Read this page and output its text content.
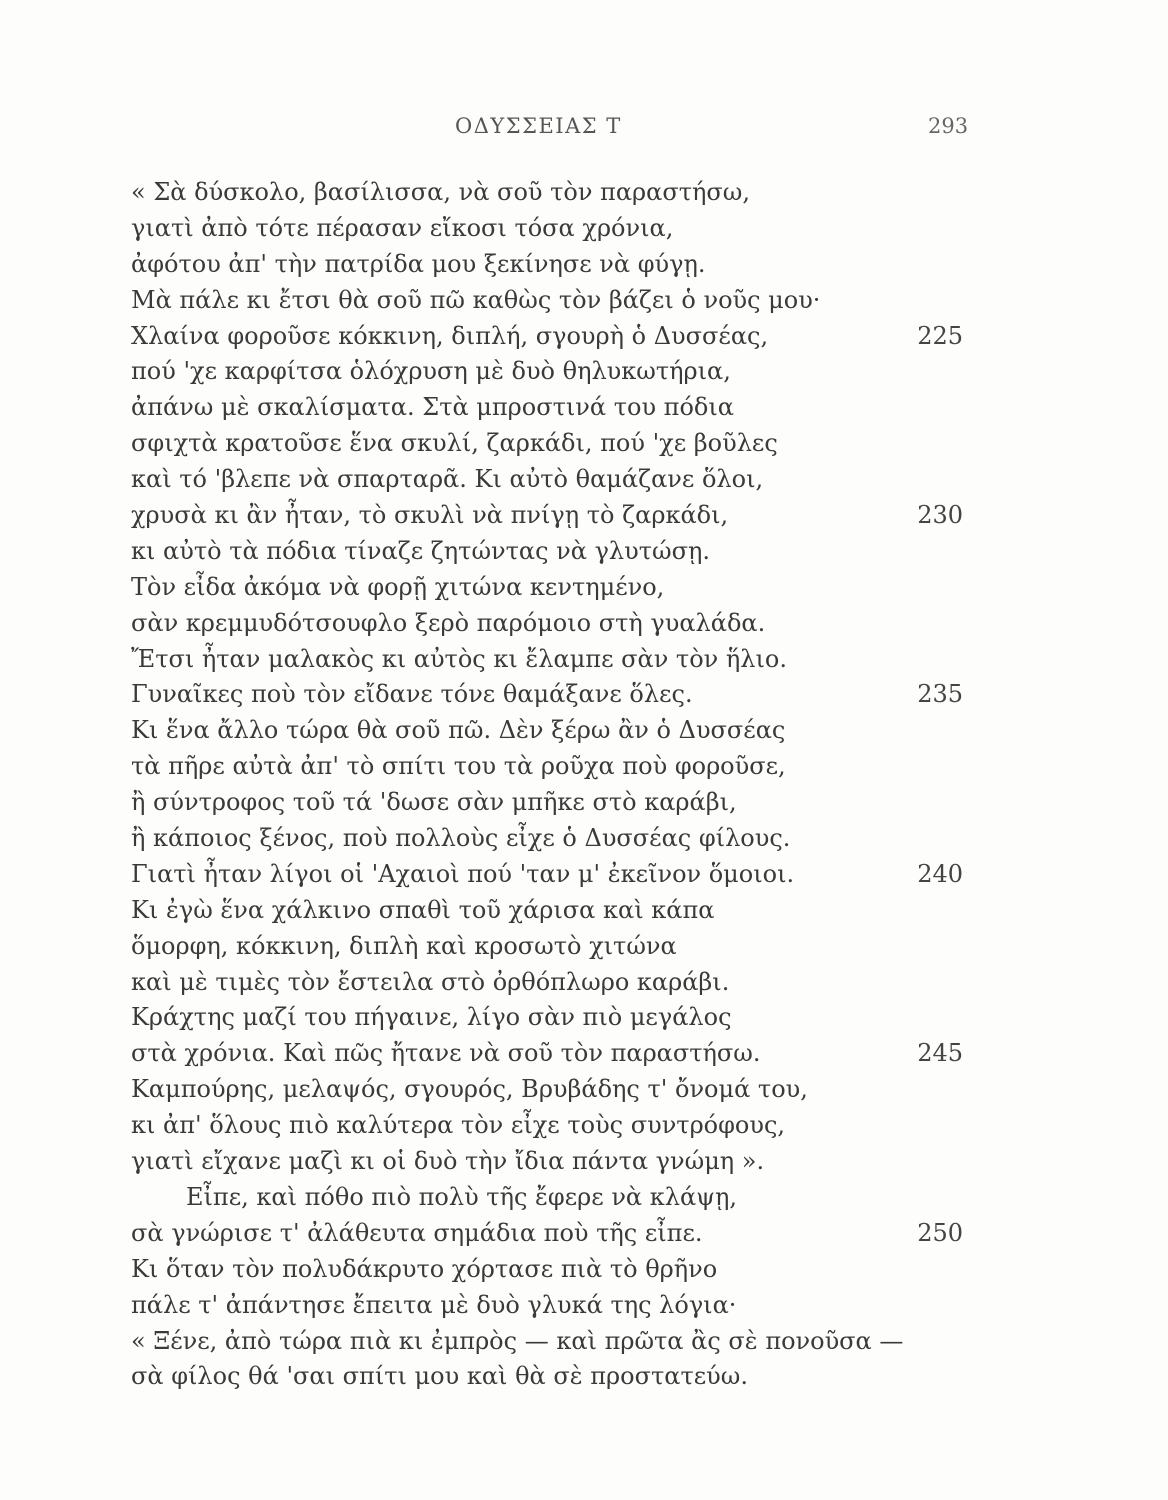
ΟΔΥΣΣΕΙΑΣ Τ	293
« Σὰ δύσκολο, βασίλισσα, νὰ σοῦ τὸν παραστήσω,
γιατὶ ἀπὸ τότε πέρασαν εἴκοσι τόσα χρόνια,
ἀφότου ἀπ' τὴν πατρίδα μου ξεκίνησε νὰ φύγῃ.
Μὰ πάλε κι ἔτσι θὰ σοῦ πῶ καθὼς τὸν βάζει ὁ νοῦς μου·
Χλαίνα φοροῦσε κόκκινη, διπλή, σγουρὴ ὁ Δυσσέας,	225
πού 'χε καρφίτσα ὁλόχρυση μὲ δυὸ θηλυκωτήρια,
ἀπάνω μὲ σκαλίσματα. Στὰ μπροστινά του πόδια
σφιχτὰ κρατοῦσε ἕνα σκυλί, ζαρκάδι, πού 'χε βοῦλες
καὶ τό 'βλεπε νὰ σπαρταρᾶ. Κι αὐτὸ θαμάζανε ὅλοι,
χρυσὰ κι ἂν ἦταν, τὸ σκυλὶ νὰ πνίγῃ τὸ ζαρκάδι,	230
κι αὐτὸ τὰ πόδια τίναζε ζητώντας νὰ γλυτώσῃ.
Τὸν εἶδα ἀκόμα νὰ φορῇ χιτώνα κεντημένο,
σὰν κρεμμυδότσουφλο ξερὸ παρόμοιο στὴ γυαλάδα.
Ἔτσι ἦταν μαλακὸς κι αὐτὸς κι ἔλαμπε σὰν τὸν ἥλιο.
Γυναῖκες ποὺ τὸν εἴδανε τόνε θαμάξανε ὅλες.	235
Κι ἕνα ἄλλο τώρα θὰ σοῦ πῶ. Δὲν ξέρω ἂν ὁ Δυσσέας
τὰ πῆρε αὐτὰ ἀπ' τὸ σπίτι του τὰ ροῦχα ποὺ φοροῦσε,
ἢ σύντροφος τοῦ τά 'δωσε σὰν μπῆκε στὸ καράβι,
ἢ κάποιος ξένος, ποὺ πολλοὺς εἶχε ὁ Δυσσέας φίλους.
Γιατὶ ἦταν λίγοι οἱ 'Αχαιοὶ πού 'ταν μ' ἐκεῖνον ὅμοιοι.	240
Κι ἐγὼ ἕνα χάλκινο σπαθὶ τοῦ χάρισα καὶ κάπα
ὅμορφη, κόκκινη, διπλὴ καὶ κροσωτὸ χιτώνα
καὶ μὲ τιμὲς τὸν ἔστειλα στὸ ὀρθόπλωρο καράβι.
Κράχτης μαζί του πήγαινε, λίγο σὰν πιὸ μεγάλος
στὰ χρόνια. Καὶ πῶς ἤτανε νὰ σοῦ τὸν παραστήσω.	245
Καμπούρης, μελαψός, σγουρός, Βρυβάδης τ' ὄνομά του,
κι ἀπ' ὅλους πιὸ καλύτερα τὸν εἶχε τοὺς συντρόφους,
γιατὶ εἴχανε μαζὶ κι οἱ δυὸ τὴν ἴδια πάντα γνώμη ».
Εἶπε, καὶ πόθο πιὸ πολὺ τῆς ἔφερε νὰ κλάψῃ,
σὰ γνώρισε τ' ἀλάθευτα σημάδια ποὺ τῆς εἶπε.	250
Κι ὅταν τὸν πολυδάκρυτο χόρτασε πιὰ τὸ θρῆνο
πάλε τ' ἀπάντησε ἔπειτα μὲ δυὸ γλυκά της λόγια·
« Ξένε, ἀπὸ τώρα πιὰ κι ἐμπρὸς — καὶ πρῶτα ἂς σὲ πονοῦσα —
σὰ φίλος θά 'σαι σπίτι μου καὶ θὰ σὲ προστατεύω.
